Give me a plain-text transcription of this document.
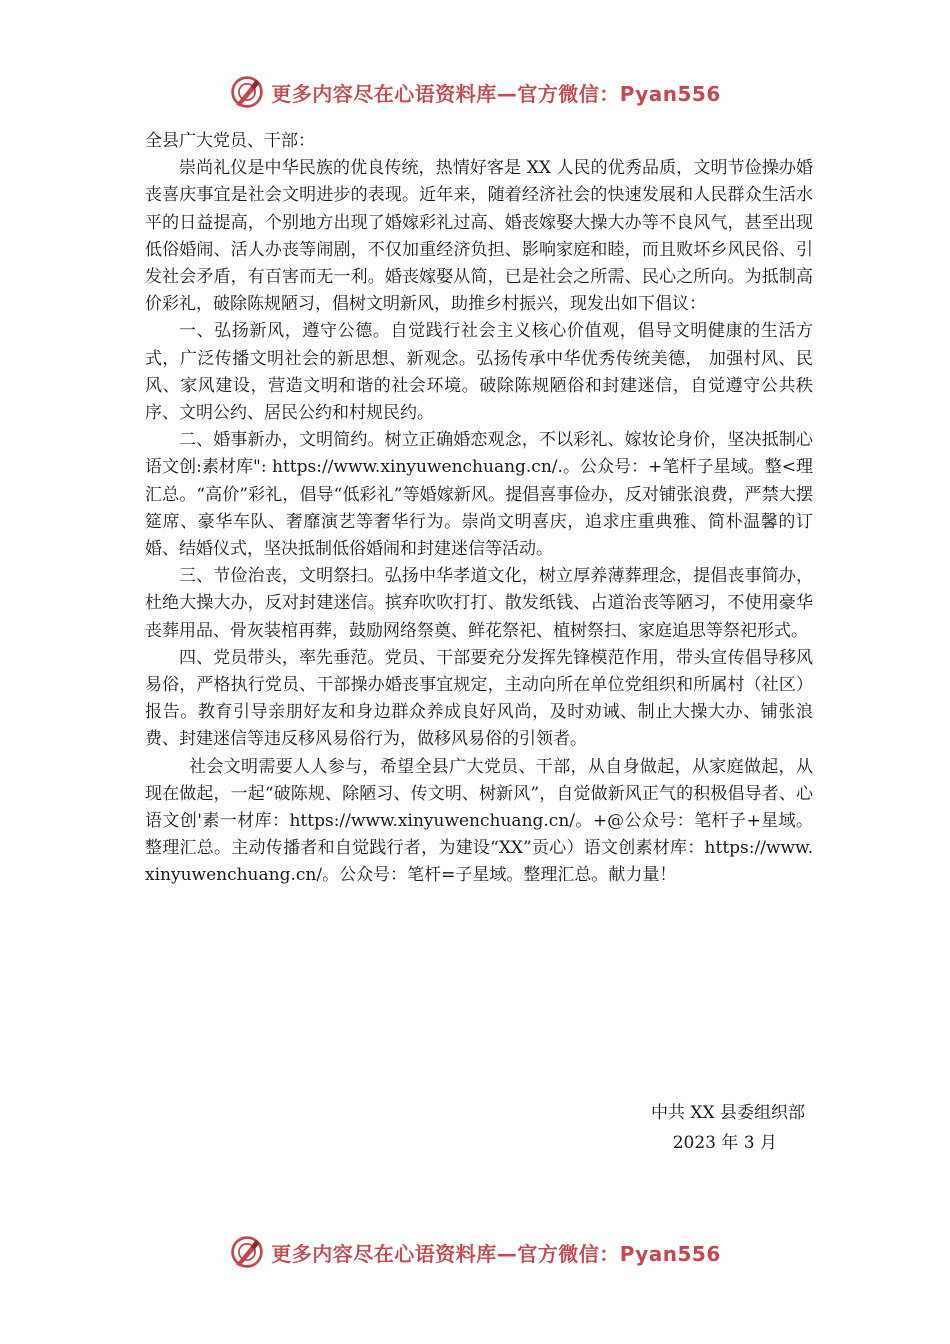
更多内容尽在心语资料库—官方微信：Pyan556

全县广大党员、干部：

崇尚礼仪是中华民族的优良传统，热情好客是 XX 人民的优秀品质，文明节俭操办婚丧喜庆事宜是社会文明进步的表现。近年来，随着经济社会的快速发展和人民群众生活水平的日益提高，个别地方出现了婚嫁彩礼过高、婚丧嫁娶大操大办等不良风气，甚至出现低俗婚闹、活人办丧等闹剧，不仅加重经济负担、影响家庭和睦，而且败坏乡风民俗、引发社会矛盾，有百害而无一利。婚丧嫁娶从简，已是社会之所需、民心之所向。为抵制高价彩礼，破除陈规陋习，倡树文明新风，助推乡村振兴，现发出如下倡议：

一、弘扬新风，遵守公德。自觉践行社会主义核心价值观，倡导文明健康的生活方式，广泛传播文明社会的新思想、新观念。弘扬传承中华优秀传统美德， 加强村风、民风、家风建设，营造文明和谐的社会环境。破除陈规陋俗和封建迷信，自觉遵守公共秩序、文明公约、居民公约和村规民约。

二、婚事新办，文明简约。树立正确婚恋观念，不以彩礼、嫁妆论身价，坚决抵制心语文创:素材库": https://www.xinyuwenchuang.cn/.。公众号：+笔杆子星域。整<理汇总。“高价”彩礼，倡导“低彩礼”等婚嫁新风。提倡喜事俭办，反对铺张浪费，严禁大摆筵席、豪华车队、奢靡演艺等奢华行为。崇尚文明喜庆，追求庄重典雅、简朴温馨的订婚、结婚仪式，坚决抵制低俗婚闹和封建迷信等活动。

三、节俭治丧，文明祭扫。弘扬中华孝道文化，树立厚养薄葬理念，提倡丧事简办，杜绝大操大办，反对封建迷信。摈弃吹吹打打、散发纸钱、占道治丧等陋习，不使用豪华丧葬用品、骨灰装棺再葬，鼓励网络祭奠、鲜花祭祀、植树祭扫、家庭追思等祭祀形式。

四、党员带头，率先垂范。党员、干部要充分发挥先锋模范作用，带头宣传倡导移风易俗，严格执行党员、干部操办婚丧事宜规定，主动向所在单位党组织和所属村（社区）报告。教育引导亲朋好友和身边群众养成良好风尚，及时劝诫、制止大操大办、铺张浪费、封建迷信等违反移风易俗行为，做移风易俗的引领者。

社会文明需要人人参与，希望全县广大党员、干部，从自身做起，从家庭做起，从现在做起，一起“破陈规、除陋习、传文明、树新风”，自觉做新风正气的积极倡导者、心语文创'素一材库：https://www.xinyuwenchuang.cn/。+@公众号：笔杆子+星域。整理汇总。主动传播者和自觉践行者，为建设“XX”贡心）语文创素材库：https://www.xinyuwenchuang.cn/。公众号：笔杆=子星域。整理汇总。献力量！

中共 XX 县委组织部
2023 年 3 月
更多内容尽在心语资料库—官方微信：Pyan556
